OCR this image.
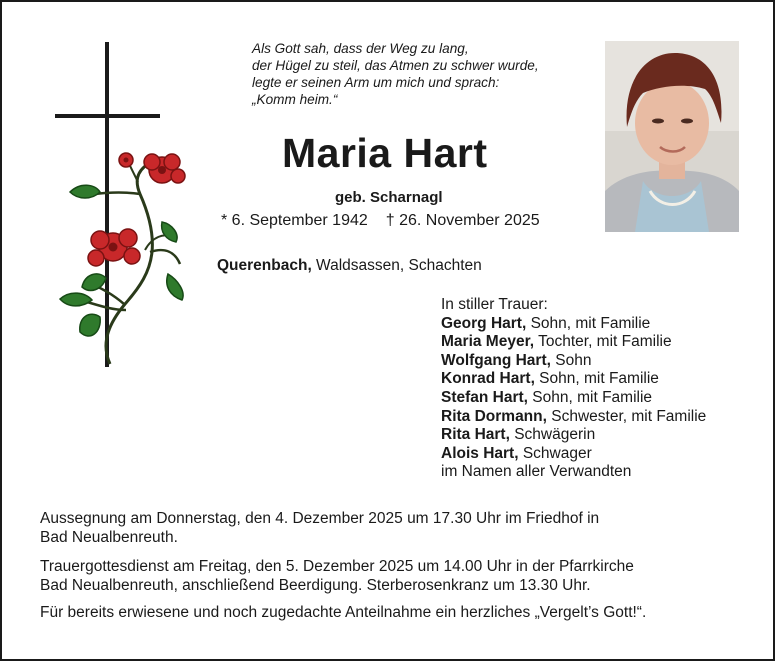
Als Gott sah, dass der Weg zu lang,
der Hügel zu steil, das Atmen zu schwer wurde,
legte er seinen Arm um mich und sprach:
„Komm heim.“
Maria Hart
geb. Scharnagl
* 6. September 1942 † 26. November 2025
Querenbach, Waldsassen, Schachten
In stiller Trauer:
Georg Hart, Sohn, mit Familie
Maria Meyer, Tochter, mit Familie
Wolfgang Hart, Sohn
Konrad Hart, Sohn, mit Familie
Stefan Hart, Sohn, mit Familie
Rita Dormann, Schwester, mit Familie
Rita Hart, Schwägerin
Alois Hart, Schwager
im Namen aller Verwandten
Aussegnung am Donnerstag, den 4. Dezember 2025 um 17.30 Uhr im Friedhof in
Bad Neualbenreuth.
Trauergottesdienst am Freitag, den 5. Dezember 2025 um 14.00 Uhr in der Pfarrkirche
Bad Neualbenreuth, anschließend Beerdigung. Sterberosenkranz um 13.30 Uhr.
Für bereits erwiesene und noch zugedachte Anteilnahme ein herzliches „Vergelt’s Gott!“.
